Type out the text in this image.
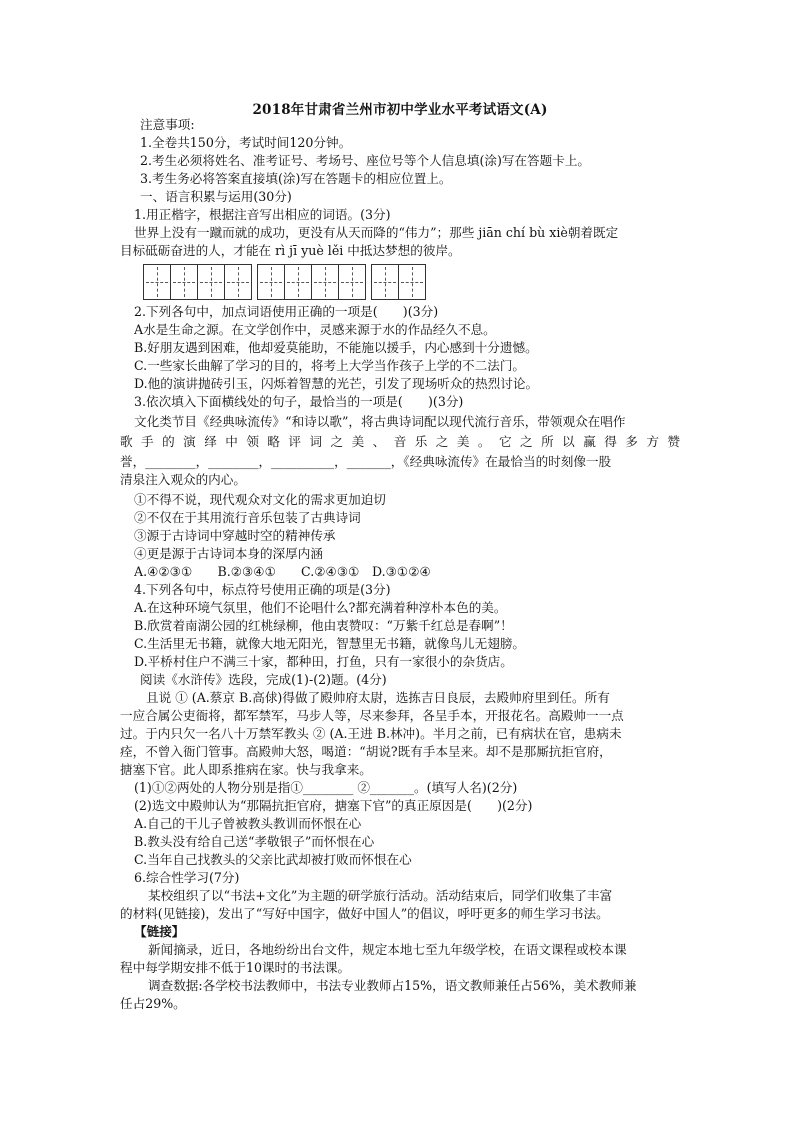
2018年甘肃省兰州市初中学业水平考试语文(A)
注意事项:
1.全卷共150分，考试时间120分钟。
2.考生必须将姓名、准考证号、考场号、座位号等个人信息填(涂)写在答题卡上。
3.考生务必将答案直接填(涂)写在答题卡的相应位置上。
一、语言积累与运用(30分)
1.用正楷字，根据注音写出相应的词语。(3分)
世界上没有一蹴而就的成功，更没有从天而降的“伟力”；那些 jiān chí bù xiè朝着既定
目标砥砺奋进的人，才能在 rì jī yuè lěi 中抵达梦想的彼岸。
2.下列各句中，加点词语使用正确的一项是(　　)(3分)
A水是生命之源。在文学创作中，灵感来源于水的作品经久不息。
B.好朋友遇到困难，他却爱莫能助，不能施以援手，内心感到十分遗憾。
C.一些家长曲解了学习的目的，将考上大学当作孩子上学的不二法门。
D.他的演讲抛砖引玉，闪烁着智慧的光芒，引发了现场听众的热烈讨论。
3.依次填入下面横线处的句子，最恰当的一项是(　　)(3分)
文化类节目《经典咏流传》“和诗以歌”，将古典诗词配以现代流行音乐，带领观众在唱作
歌手的演绎中领略评词之美、音乐之美。它之所以赢得多方赞
誉，________，________，__________，_______，《经典咏流传》在最恰当的时刻像一股
清泉注入观众的内心。
①不得不说，现代观众对文化的需求更加迫切
②不仅在于其用流行音乐包装了古典诗词
③源于古诗词中穿越时空的精神传承
④更是源于古诗词本身的深厚内涵
A.④②③①　　B.②③④①　　C.②④③①　D.③①②④
4.下列各句中，标点符号使用正确的项是(3分)
A.在这种环境气氛里，他们不论唱什么?都充满着种淳朴本色的美。
B.欣赏着南湖公园的红桃绿柳，他由衷赞叹：“万紫千红总是春啊”！
C.生活里无书籍，就像大地无阳光，智慧里无书籍，就像鸟儿无翅膀。
D.平桥村住户不满三十家，都种田，打鱼，只有一家很小的杂货店。
阅读《水浒传》选段，完成(1)-(2)题。(4分)
且说 ① (A.蔡京 B.高俅)得做了殿帅府太尉，选拣吉日良辰，去殿帅府里到任。所有
一应合属公吏衙将，都军禁军，马步人等，尽来参拜，各呈手本，开报花名。高殿帅一一点
过。于内只欠一名八十万禁军教头 ② (A.王进 B.林冲)。半月之前，已有病状在官，患病未
痊，不曾入衙门管事。高殿帅大怒，喝道：“胡说?既有手本呈来。却不是那厮抗拒官府，
搪塞下官。此人即系推病在家。快与我拿来。
(1)①②两处的人物分别是指①________ ②_______。(填写人名)(2分)
(2)选文中殿帅认为“那隔抗拒官府，搪塞下官”的真正原因是(　　)(2分)
A.自己的干儿子曾被教头教训而怀恨在心
B.教头没有给自己送“孝敬银子”而怀恨在心
C.当年自己找教头的父亲比武却被打败而怀恨在心
6.综合性学习(7分)
某校组织了以“书法+文化”为主题的研学旅行活动。活动结束后，同学们收集了丰富
的材料(见链接)，发出了“写好中国字，做好中国人”的倡议，呼吁更多的师生学习书法。
【链接】
新闻摘录，近日，各地纷纷出台文件，规定本地七至九年级学校，在语文课程或校本课
程中每学期安排不低于10课时的书法课。
调查数据:各学校书法教师中，书法专业教师占15%，语文教师兼任占56%，美术教师兼
任占29%。
